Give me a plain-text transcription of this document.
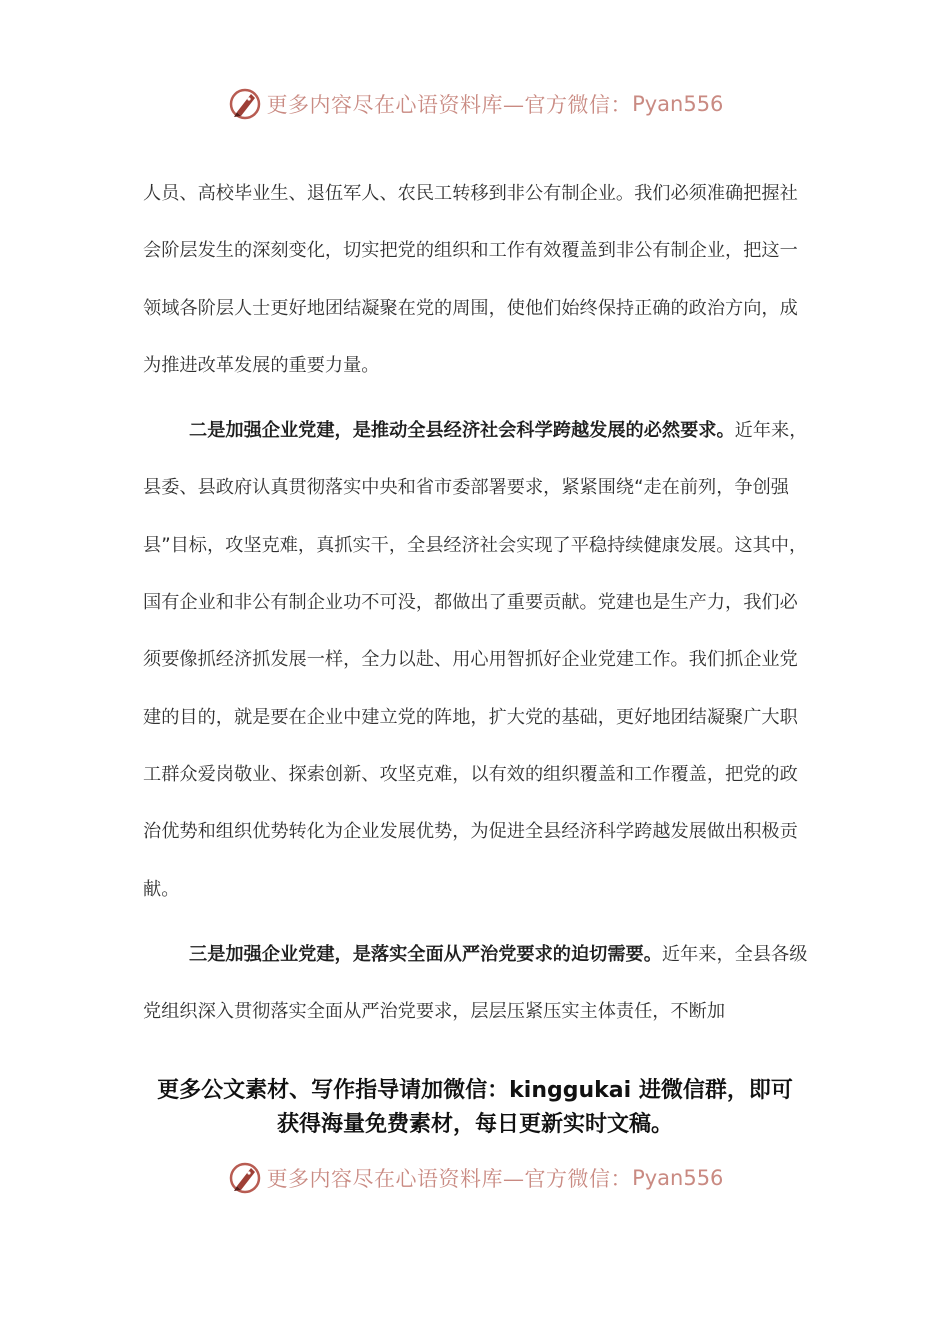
更多内容尽在心语资料库—官方微信： Pyan556

人员、高校毕业生、退伍军人、农民工转移到非公有制企业。我们必须准确把握社会阶层发生的深刻变化，切实把党的组织和工作有效覆盖到非公有制企业，把这一领域各阶层人士更好地团结凝聚在党的周围，使他们始终保持正确的政治方向，成为推进改革发展的重要力量。

二是加强企业党建，是推动全县经济社会科学跨越发展的必然要求。近年来，县委、县政府认真贯彻落实中央和省市委部署要求，紧紧围绕“走在前列，争创强县”目标，攻坚克难，真抓实干，全县经济社会实现了平稳持续健康发展。这其中，国有企业和非公有制企业功不可没，都做出了重要贡献。党建也是生产力，我们必须要像抓经济抓发展一样，全力以赴、用心用智抓好企业党建工作。我们抓企业党建的目的，就是要在企业中建立党的阵地，扩大党的基础，更好地团结凝聚广大职工群众爱岗敬业、探索创新、攻坚克难，以有效的组织覆盖和工作覆盖，把党的政治优势和组织优势转化为企业发展优势，为促进全县经济科学跨越发展做出积极贡献。

三是加强企业党建，是落实全面从严治党要求的迫切需要。近年来，全县各级党组织深入贯彻落实全面从严治党要求，层层压紧压实主体责任，不断加

更多公文素材、写作指导请加微信：kinggukai 进微信群，即可
获得海量免费素材，每日更新实时文稿。
更多内容尽在心语资料库—官方微信： Pyan556
